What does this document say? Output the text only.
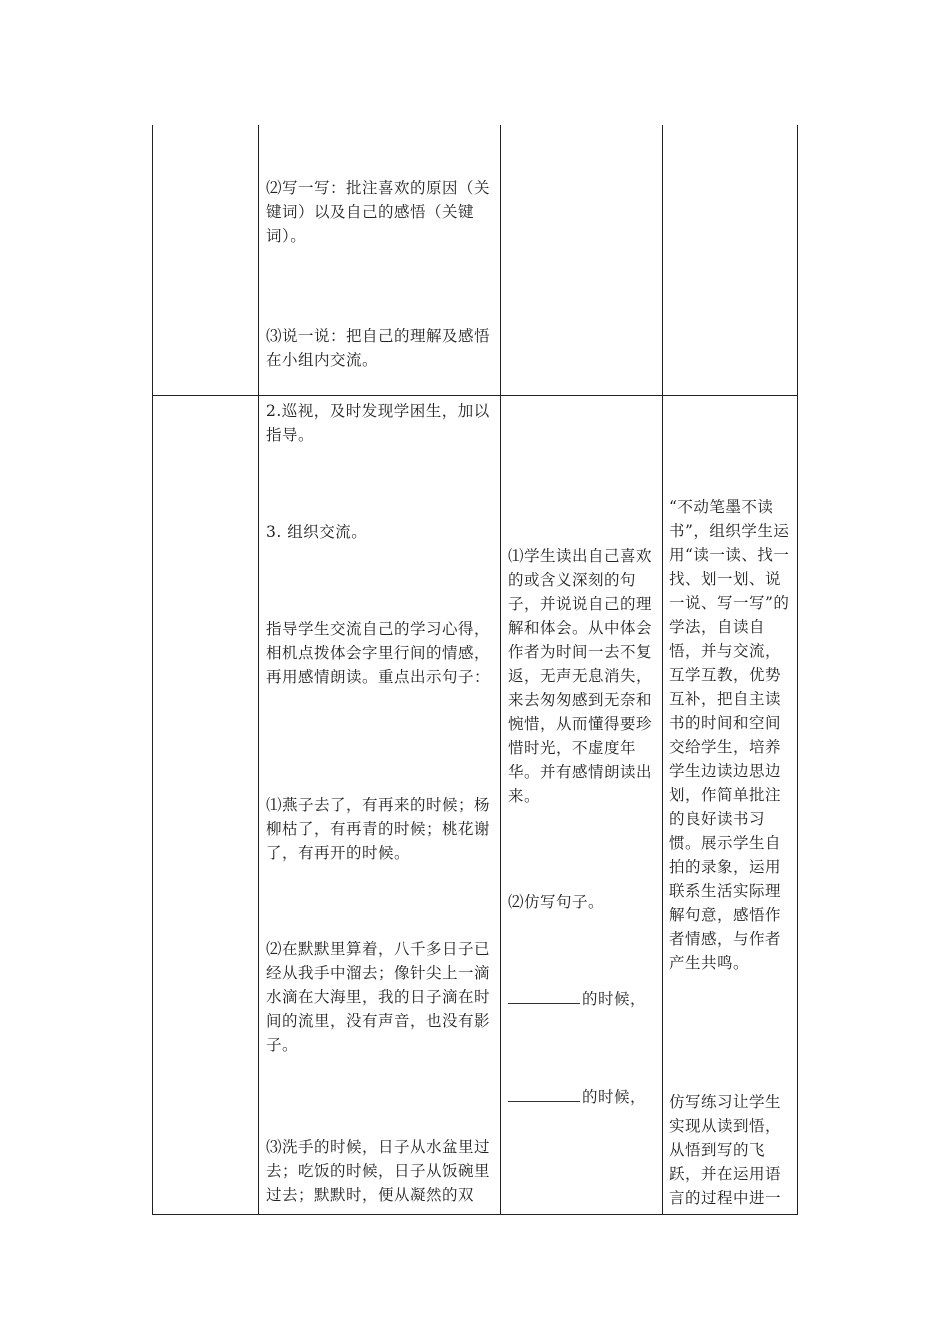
⑵写一写：批注喜欢的原因（关键词）以及自己的感悟（关键词）。

⑶说一说：把自己的理解及感悟在小组内交流。

2.巡视，及时发现学困生，加以指导。

3. 组织交流。

指导学生交流自己的学习心得，相机点拨体会字里行间的情感，再用感情朗读。重点出示句子：

⑴燕子去了，有再来的时候；杨柳枯了，有再青的时候；桃花谢了，有再开的时候。

⑵在默默里算着，八千多日子已经从我手中溜去；像针尖上一滴水滴在大海里，我的日子滴在时间的流里，没有声音，也没有影子。

⑶洗手的时候，日子从水盆里过去；吃饭的时候，日子从饭碗里过去；默默时，便从凝然的双

⑴学生读出自己喜欢的或含义深刻的句子，并说说自己的理解和体会。从中体会作者为时间一去不复返，无声无息消失，来去匆匆感到无奈和惋惜，从而懂得要珍惜时光，不虚度年华。并有感情朗读出来。

⑵仿写句子。

的时候，
的时候，

“不动笔墨不读书”，组织学生运用“读一读、找一找、划一划、说一说、写一写”的学法，自读自悟，并与交流，互学互教，优势互补，把自主读书的时间和空间交给学生，培养学生边读边思边划，作简单批注的良好读书习惯。展示学生自拍的录象，运用联系生活实际理解句意，感悟作者情感，与作者产生共鸣。

仿写练习让学生实现从读到悟，从悟到写的飞跃，并在运用语言的过程中进一
